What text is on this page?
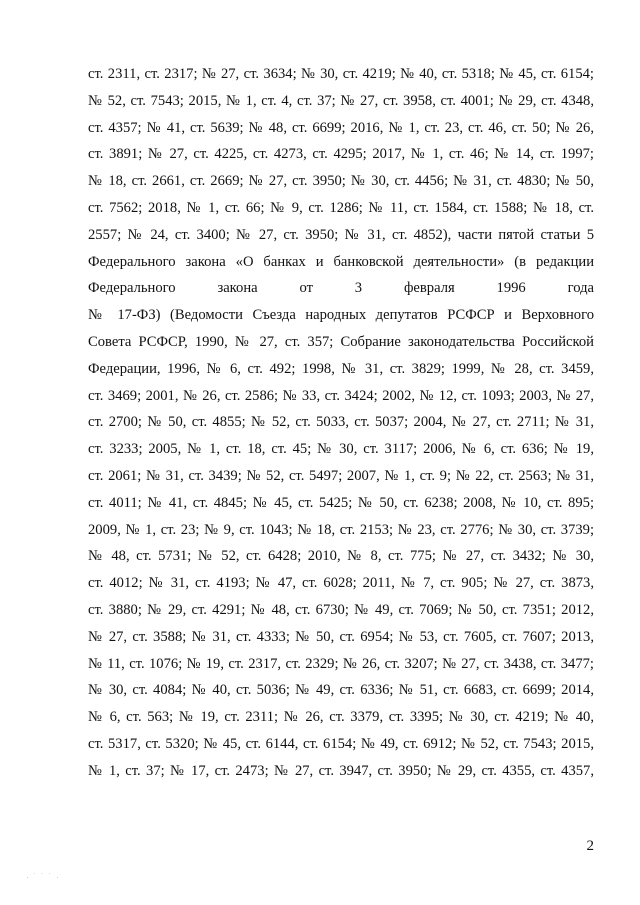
ст. 2311, ст. 2317; № 27, ст. 3634; № 30, ст. 4219; № 40, ст. 5318; № 45, ст. 6154;
№ 52, ст. 7543; 2015, № 1, ст. 4, ст. 37; № 27, ст. 3958, ст. 4001; № 29, ст. 4348,
ст. 4357; № 41, ст. 5639; № 48, ст. 6699; 2016, № 1, ст. 23, ст. 46, ст. 50; № 26,
ст. 3891; № 27, ст. 4225, ст. 4273, ст. 4295; 2017, № 1, ст. 46; № 14, ст. 1997;
№ 18, ст. 2661, ст. 2669; № 27, ст. 3950; № 30, ст. 4456; № 31, ст. 4830; № 50,
ст. 7562; 2018, № 1, ст. 66; № 9, ст. 1286; № 11, ст. 1584, ст. 1588; № 18, ст.
2557; № 24, ст. 3400; № 27, ст. 3950; № 31, ст. 4852), части пятой статьи 5
Федерального закона «О банках и банковской деятельности» (в редакции
Федерального закона от 3 февраля 1996 года
№ 17-ФЗ) (Ведомости Съезда народных депутатов РСФСР и Верховного
Совета РСФСР, 1990, № 27, ст. 357; Собрание законодательства Российской
Федерации, 1996, № 6, ст. 492; 1998, № 31, ст. 3829; 1999, № 28, ст. 3459,
ст. 3469; 2001, № 26, ст. 2586; № 33, ст. 3424; 2002, № 12, ст. 1093; 2003, № 27,
ст. 2700; № 50, ст. 4855; № 52, ст. 5033, ст. 5037; 2004, № 27, ст. 2711; № 31,
ст. 3233; 2005, № 1, ст. 18, ст. 45; № 30, ст. 3117; 2006, № 6, ст. 636; № 19,
ст. 2061; № 31, ст. 3439; № 52, ст. 5497; 2007, № 1, ст. 9; № 22, ст. 2563; № 31,
ст. 4011; № 41, ст. 4845; № 45, ст. 5425; № 50, ст. 6238; 2008, № 10, ст. 895;
2009, № 1, ст. 23; № 9, ст. 1043; № 18, ст. 2153; № 23, ст. 2776; № 30, ст. 3739;
№ 48, ст. 5731; № 52, ст. 6428; 2010, № 8, ст. 775; № 27, ст. 3432; № 30,
ст. 4012; № 31, ст. 4193; № 47, ст. 6028; 2011, № 7, ст. 905; № 27, ст. 3873,
ст. 3880; № 29, ст. 4291; № 48, ст. 6730; № 49, ст. 7069; № 50, ст. 7351; 2012,
№ 27, ст. 3588; № 31, ст. 4333; № 50, ст. 6954; № 53, ст. 7605, ст. 7607; 2013,
№ 11, ст. 1076; № 19, ст. 2317, ст. 2329; № 26, ст. 3207; № 27, ст. 3438, ст. 3477;
№ 30, ст. 4084; № 40, ст. 5036; № 49, ст. 6336; № 51, ст. 6683, ст. 6699; 2014,
№ 6, ст. 563; № 19, ст. 2311; № 26, ст. 3379, ст. 3395; № 30, ст. 4219; № 40,
ст. 5317, ст. 5320; № 45, ст. 6144, ст. 6154; № 49, ст. 6912; № 52, ст. 7543; 2015,
№ 1, ст. 37; № 17, ст. 2473; № 27, ст. 3947, ст. 3950; № 29, ст. 4355, ст. 4357,
2
· ˙ ˙ ˙ ·
